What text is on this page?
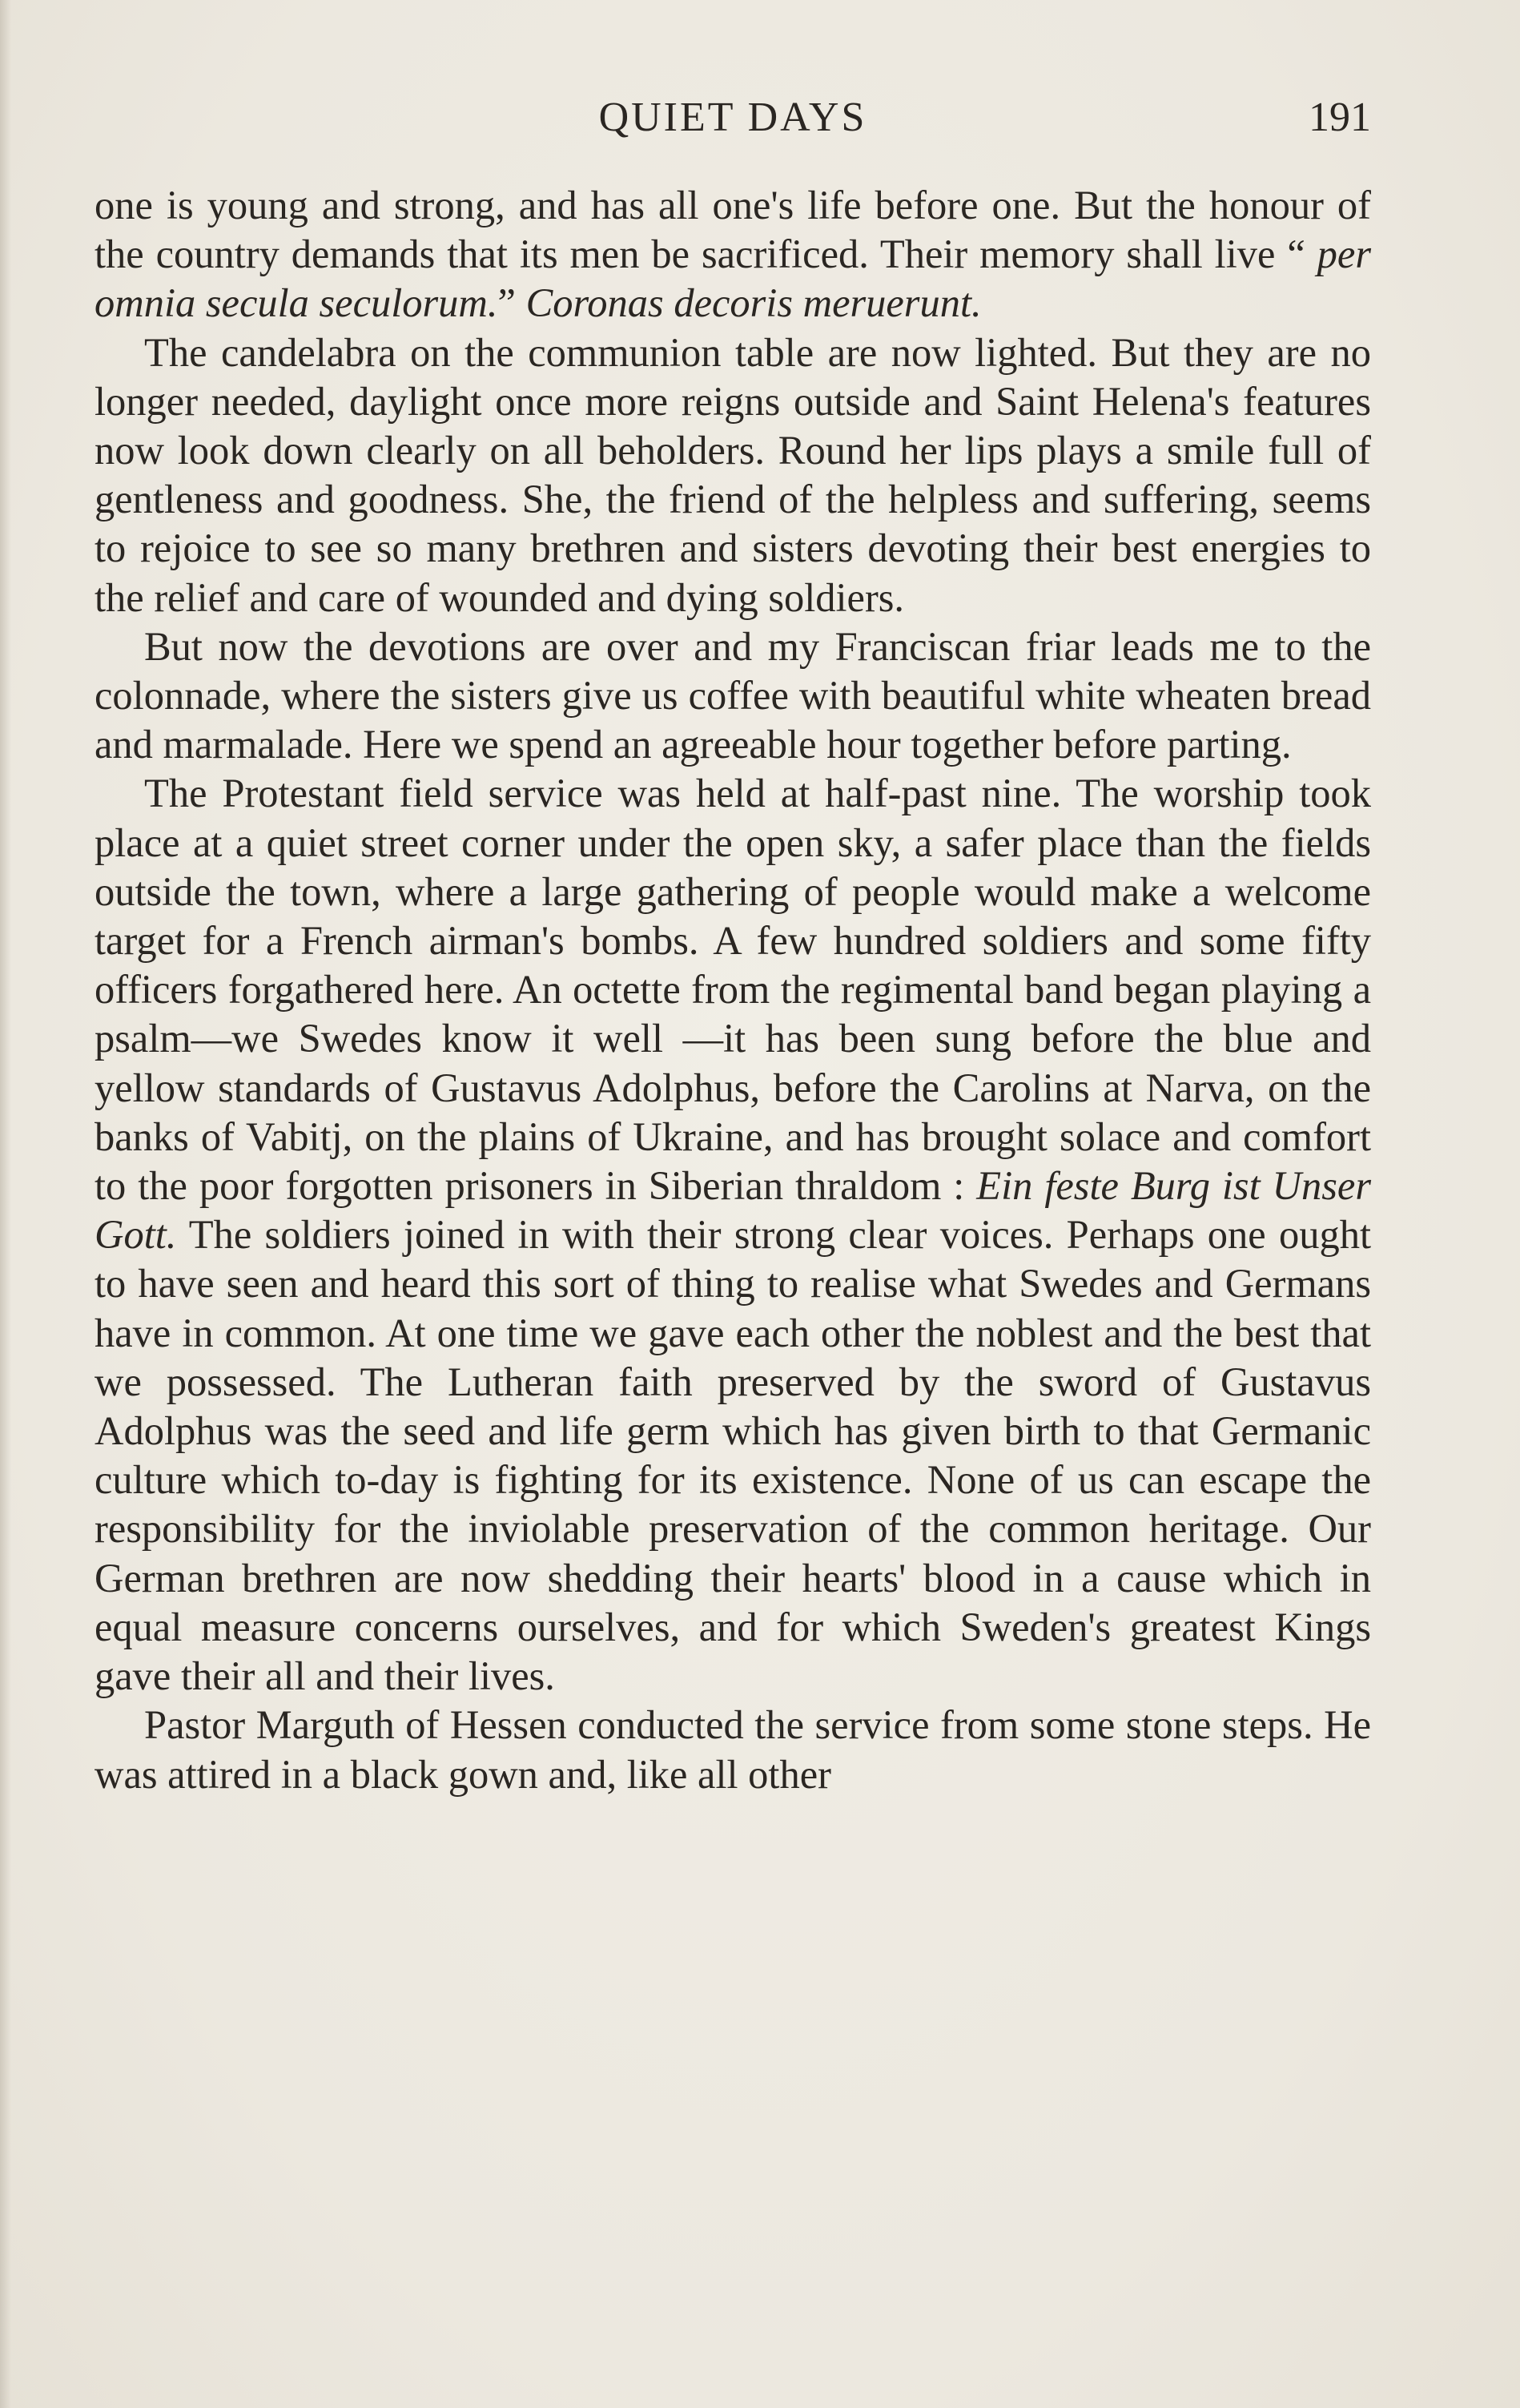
QUIET DAYS	191

one is young and strong, and has all one's life before one. But the honour of the country demands that its men be sacrificed. Their memory shall live “ per omnia secula seculorum.” Coronas decoris meruerunt.

The candelabra on the communion table are now lighted. But they are no longer needed, daylight once more reigns outside and Saint Helena's features now look down clearly on all beholders. Round her lips plays a smile full of gentleness and goodness. She, the friend of the helpless and suffering, seems to rejoice to see so many brethren and sisters devoting their best energies to the relief and care of wounded and dying soldiers.

But now the devotions are over and my Franciscan friar leads me to the colonnade, where the sisters give us coffee with beautiful white wheaten bread and marmalade. Here we spend an agreeable hour together before parting.

The Protestant field service was held at half-past nine. The worship took place at a quiet street corner under the open sky, a safer place than the fields outside the town, where a large gathering of people would make a welcome target for a French airman's bombs. A few hundred soldiers and some fifty officers forgathered here. An octette from the regimental band began playing a psalm—we Swedes know it well —it has been sung before the blue and yellow standards of Gustavus Adolphus, before the Carolins at Narva, on the banks of Vabitj, on the plains of Ukraine, and has brought solace and comfort to the poor forgotten prisoners in Siberian thraldom : Ein feste Burg ist Unser Gott. The soldiers joined in with their strong clear voices. Perhaps one ought to have seen and heard this sort of thing to realise what Swedes and Germans have in common. At one time we gave each other the noblest and the best that we possessed. The Lutheran faith preserved by the sword of Gustavus Adolphus was the seed and life germ which has given birth to that Germanic culture which to-day is fighting for its existence. None of us can escape the responsibility for the inviolable preservation of the common heritage. Our German brethren are now shedding their hearts' blood in a cause which in equal measure concerns ourselves, and for which Sweden's greatest Kings gave their all and their lives.

Pastor Marguth of Hessen conducted the service from some stone steps. He was attired in a black gown and, like all other
